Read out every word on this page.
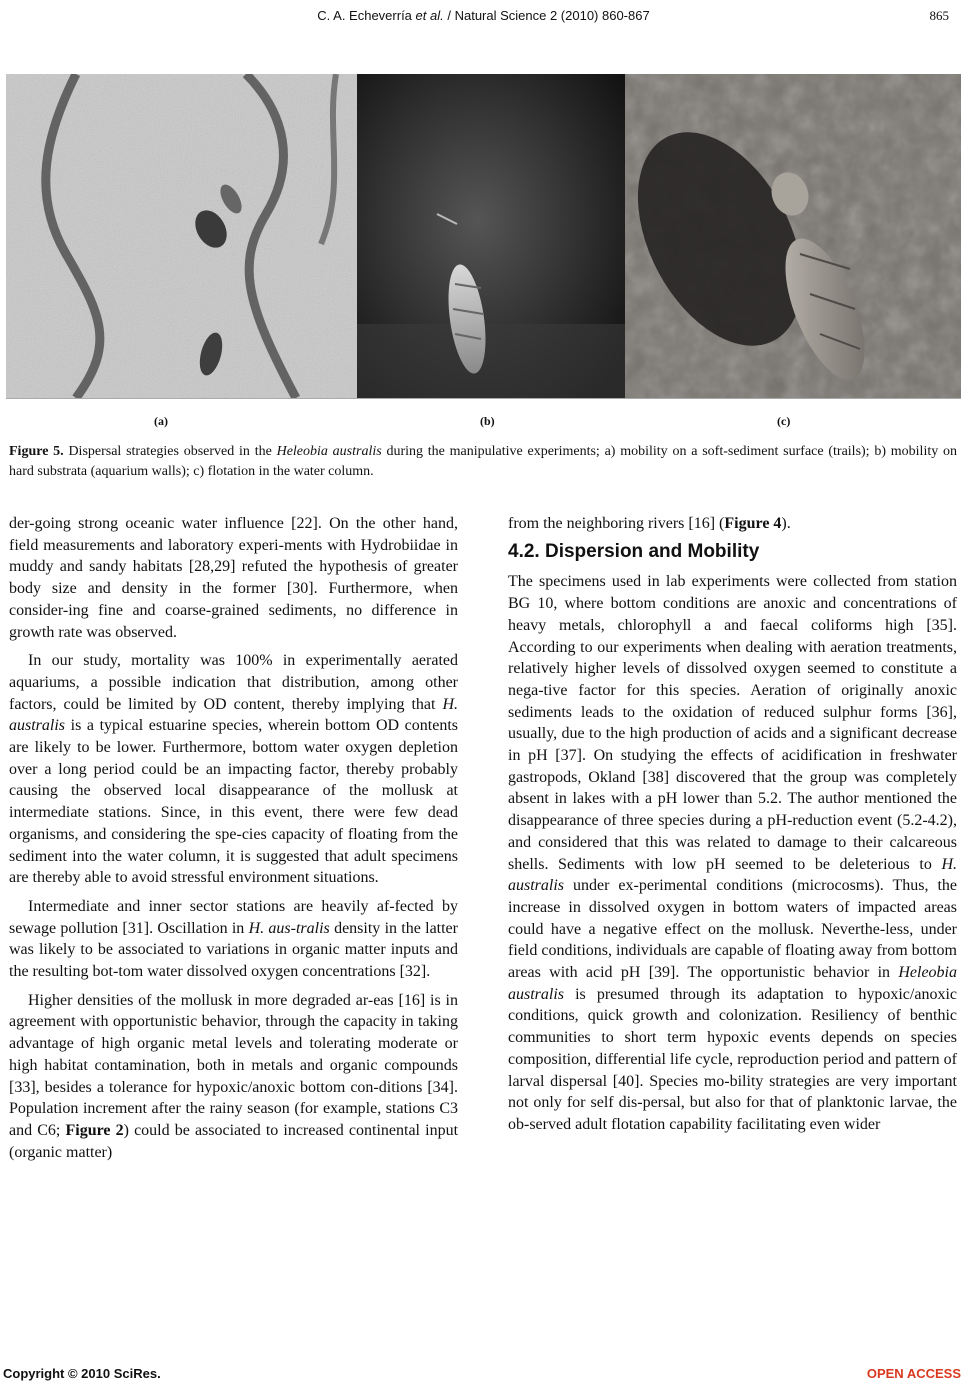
C. A. Echeverría et al. / Natural Science 2 (2010) 860-867	865
(a)	(b)	(c)
Figure 5. Dispersal strategies observed in the Heleobia australis during the manipulative experiments; a) mobility on a soft-sediment surface (trails); b) mobility on hard substrata (aquarium walls); c) flotation in the water column.

der-going strong oceanic water influence [22]. On the other hand, field measurements and laboratory experi-ments with Hydrobiidae in muddy and sandy habitats [28,29] refuted the hypothesis of greater body size and density in the former [30]. Furthermore, when consider-ing fine and coarse-grained sediments, no difference in growth rate was observed.

In our study, mortality was 100% in experimentally aerated aquariums, a possible indication that distribution, among other factors, could be limited by OD content, thereby implying that H. australis is a typical estuarine species, wherein bottom OD contents are likely to be lower. Furthermore, bottom water oxygen depletion over a long period could be an impacting factor, thereby probably causing the observed local disappearance of the mollusk at intermediate stations. Since, in this event, there were few dead organisms, and considering the spe-cies capacity of floating from the sediment into the water column, it is suggested that adult specimens are thereby able to avoid stressful environment situations.

Intermediate and inner sector stations are heavily af-fected by sewage pollution [31]. Oscillation in H. aus-tralis density in the latter was likely to be associated to variations in organic matter inputs and the resulting bot-tom water dissolved oxygen concentrations [32].

Higher densities of the mollusk in more degraded ar-eas [16] is in agreement with opportunistic behavior, through the capacity in taking advantage of high organic metal levels and tolerating moderate or high habitat contamination, both in metals and organic compounds [33], besides a tolerance for hypoxic/anoxic bottom con-ditions [34]. Population increment after the rainy season (for example, stations C3 and C6; Figure 2) could be associated to increased continental input (organic matter)

from the neighboring rivers [16] (Figure 4).

4.2. Dispersion and Mobility

The specimens used in lab experiments were collected from station BG 10, where bottom conditions are anoxic and concentrations of heavy metals, chlorophyll a and faecal coliforms high [35]. According to our experiments when dealing with aeration treatments, relatively higher levels of dissolved oxygen seemed to constitute a nega-tive factor for this species. Aeration of originally anoxic sediments leads to the oxidation of reduced sulphur forms [36], usually, due to the high production of acids and a significant decrease in pH [37]. On studying the effects of acidification in freshwater gastropods, Okland [38] discovered that the group was completely absent in lakes with a pH lower than 5.2. The author mentioned the disappearance of three species during a pH-reduction event (5.2-4.2), and considered that this was related to damage to their calcareous shells. Sediments with low pH seemed to be deleterious to H. australis under ex-perimental conditions (microcosms). Thus, the increase in dissolved oxygen in bottom waters of impacted areas could have a negative effect on the mollusk. Neverthe-less, under field conditions, individuals are capable of floating away from bottom areas with acid pH [39]. The opportunistic behavior in Heleobia australis is presumed through its adaptation to hypoxic/anoxic conditions, quick growth and colonization. Resiliency of benthic communities to short term hypoxic events depends on species composition, differential life cycle, reproduction period and pattern of larval dispersal [40]. Species mo-bility strategies are very important not only for self dis-persal, but also for that of planktonic larvae, the ob-served adult flotation capability facilitating even wider

Copyright © 2010 SciRes.	OPEN ACCESS
